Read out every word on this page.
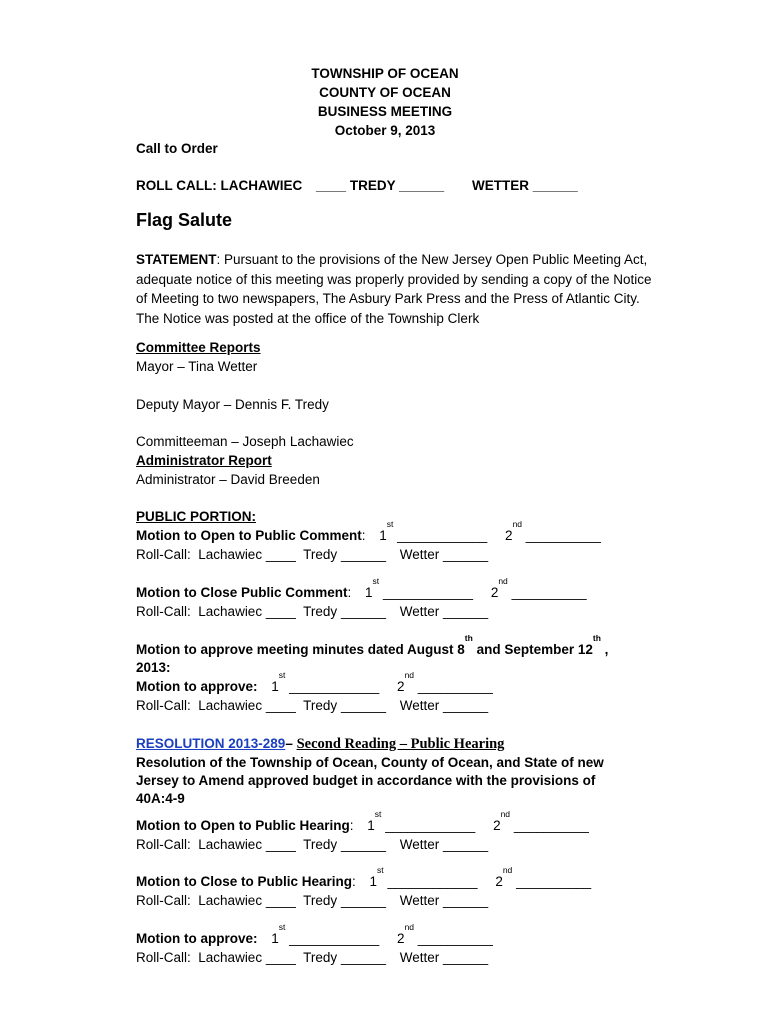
TOWNSHIP OF OCEAN
COUNTY OF OCEAN
BUSINESS MEETING
October 9, 2013
Call to Order
ROLL CALL: LACHAWIEC ____ TREDY ______ WETTER ______
Flag Salute
STATEMENT: Pursuant to the provisions of the New Jersey Open Public Meeting Act, adequate notice of this meeting was properly provided by sending a copy of the Notice of Meeting to two newspapers, The Asbury Park Press and the Press of Atlantic City. The Notice was posted at the office of the Township Clerk
Committee Reports
Mayor – Tina Wetter
Deputy Mayor – Dennis F. Tredy
Committeeman – Joseph Lachawiec
Administrator Report
Administrator – David Breeden
PUBLIC PORTION:
Motion to Open to Public Comment: 1st ____________ 2nd __________
Roll-Call: Lachawiec ____ Tredy ______ Wetter ______
Motion to Close Public Comment: 1st ____________ 2nd __________
Roll-Call: Lachawiec ____ Tredy ______ Wetter ______
Motion to approve meeting minutes dated August 8th and September 12th ,
2013:
Motion to approve: 1st ____________ 2nd __________
Roll-Call: Lachawiec ____ Tredy ______ Wetter ______
RESOLUTION 2013-289– Second Reading – Public Hearing
Resolution of the Township of Ocean, County of Ocean, and State of new
Jersey to Amend approved budget in accordance with the provisions of
40A:4-9
Motion to Open to Public Hearing: 1st ____________ 2nd __________
Roll-Call: Lachawiec ____ Tredy ______ Wetter ______
Motion to Close to Public Hearing: 1st ____________ 2nd __________
Roll-Call: Lachawiec ____ Tredy ______ Wetter ______
Motion to approve: 1st ____________ 2nd __________
Roll-Call: Lachawiec ____ Tredy ______ Wetter ______
